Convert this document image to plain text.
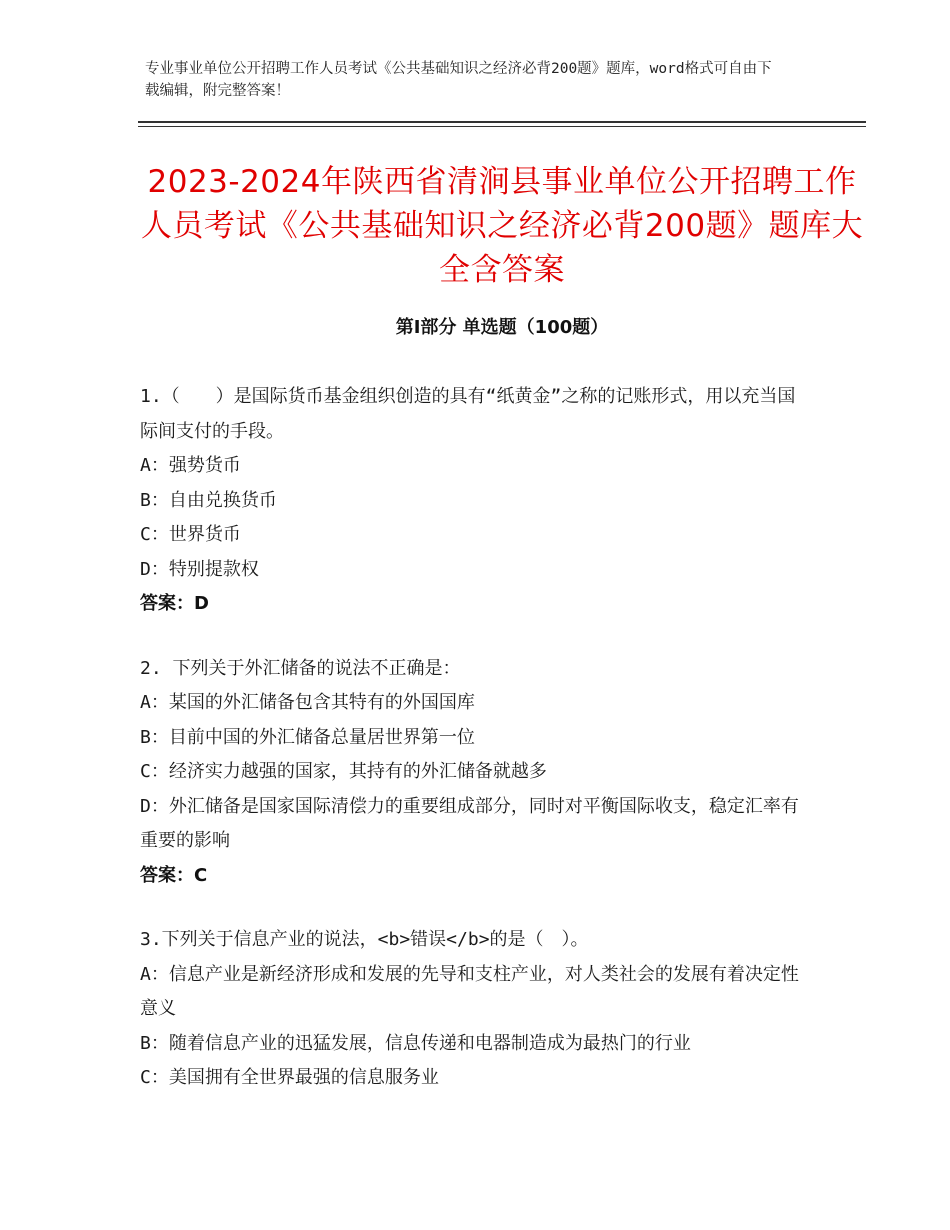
专业事业单位公开招聘工作人员考试《公共基础知识之经济必背200题》题库，word格式可自由下载编辑，附完整答案！
2023-2024年陕西省清涧县事业单位公开招聘工作人员考试《公共基础知识之经济必背200题》题库大全含答案
第Ⅰ部分 单选题（100题）
1.（　　）是国际货币基金组织创造的具有“纸黄金”之称的记账形式，用以充当国际间支付的手段。
A：强势货币
B：自由兑换货币
C：世界货币
D：特别提款权
答案：D
2. 下列关于外汇储备的说法不正确是：
A：某国的外汇储备包含其特有的外国国库
B：目前中国的外汇储备总量居世界第一位
C：经济实力越强的国家，其持有的外汇储备就越多
D：外汇储备是国家国际清偿力的重要组成部分，同时对平衡国际收支，稳定汇率有重要的影响
答案：C
3.下列关于信息产业的说法，<b>错误</b>的是（　）。
A：信息产业是新经济形成和发展的先导和支柱产业，对人类社会的发展有着决定性意义
B：随着信息产业的迅猛发展，信息传递和电器制造成为最热门的行业
C：美国拥有全世界最强的信息服务业
